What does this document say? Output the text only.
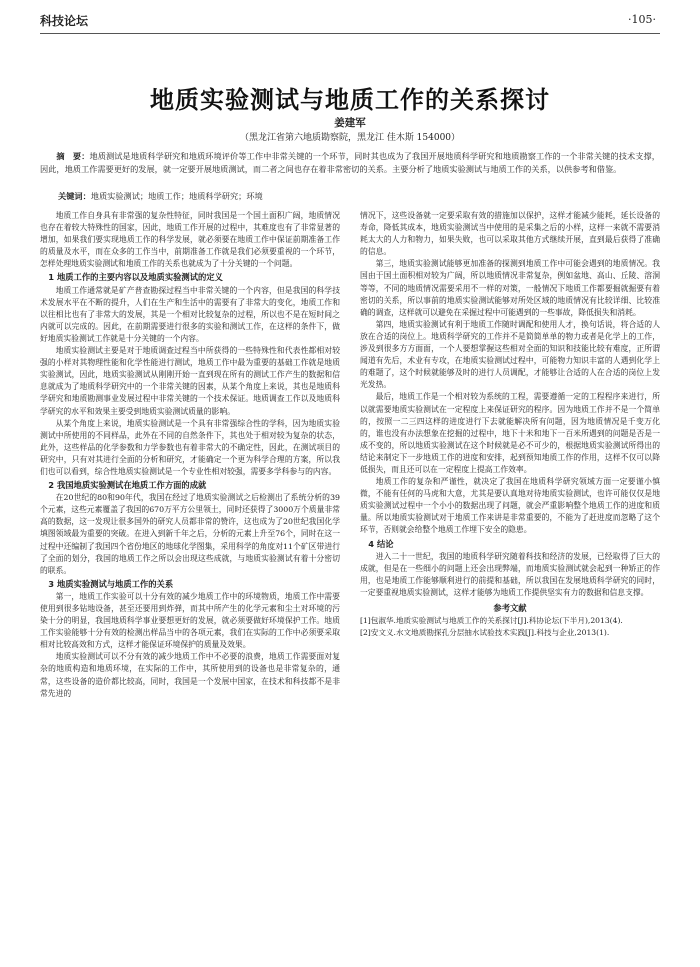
科技论坛	·105·
地质实验测试与地质工作的关系探讨
姜建军
（黑龙江省第六地质勘察院，黑龙江 佳木斯 154000）
摘　要：地质测试是地质科学研究和地质环境评价等工作中非常关键的一个环节，同时其也成为了我国开展地质科学研究和地质勘察工作的一个非常关键的技术支撑，因此，地质工作需要更好的发展，就一定要开展地质测试，而二者之间也存在着非常密切的关系。主要分析了地质实验测试与地质工作的关系，以供参考和借鉴。
关键词：地质实验测试；地质工作；地质科学研究；环境

地质工作自身具有非常强的复杂性特征，同时我国是一个国土面积广阔，地质情况也存在着较大特殊性的国家，因此，地质工作开展的过程中，其难度也有了非常显著的增加，如果我们要实现地质工作的科学发展，就必须要在地质工作中保证前期准备工作的质量及水平，而在众多的工作当中，前期准备工作就是我们必须要重视的一个环节，怎样处理地质实验测试和地质工作的关系也就成为了十分关键的一个问题。

1 地质工作的主要内容以及地质实验测试的定义

地质工作通常就是矿产普查勘探过程当中非常关键的一个内容，但是我国的科学技术发展水平在不断的提升，人们在生产和生活中的需要有了非常大的变化，地质工作和以往相比也有了非常大的发展，其是一个相对比较复杂的过程，所以也不是在短时间之内就可以完成的。因此，在前期需要进行很多的实验和测试工作，在这样的条件下，做好地质实验测试工作就是十分关键的一个内容。

地质实验测试主要是对于地质调查过程当中所获得的一些特殊性和代表性都相对较强的小样对其物理性能和化学性能进行测试，地质工作中最为重要的基础工作就是地质实验测试，因此，地质实验测试从刚刚开始一直到现在所有的测试工作产生的数据和信息就成为了地质科学研究中的一个非常关键的因素，从某个角度上来说，其也是地质科学研究和地质勘测事业发展过程中非常关键的一个技术保证。地质调查工作以及地质科学研究的水平和效果主要受到地质实验测试质量的影响。

从某个角度上来说，地质实验测试是一个具有非常强综合性的学科，因为地质实验测试中所使用的不同样品，此外在不同的自然条件下，其也处于相对较为复杂的状态，此外，这些样品的化学参数和力学参数也有着非常大的不确定性，因此，在测试项目的研究中，只有对其进行全面的分析和研究，才能确定一个更为科学合理的方案，所以我们也可以看到，综合性地质实验测试是一个专业性相对较强，需要多学科参与的内容。

2 我国地质实验测试在地质工作方面的成就

在20世纪的80和90年代，我国在经过了地质实验测试之后检测出了系统分析的39个元素，这些元素覆盖了我国的670万平方公里领土，同时还获得了3000万个质量非常高的数据，这一发现让很多国外的研究人员都非常的赞许，这也成为了20世纪我国化学填图领域最为重要的突破。在进入到新千年之后，分析的元素上升至76个，同时在这一过程中还编制了我国四个省份地区的地球化学图集，采用科学的角度对11个矿区带进行了全面的划分，我国的地质工作之所以会出现这些成就，与地质实验测试有着十分密切的联系。

3 地质实验测试与地质工作的关系

第一，地质工作实验可以十分有效的减少地质工作中的环境物质，地质工作中需要使用到很多钻地设备，甚至还要用到炸弹，而其中所产生的化学元素和尘土对环境的污染十分的明显，我国地质科学事业要想更好的发展，就必须要做好环境保护工作。地质工作实验能够十分有效的检测出样品当中的各项元素，我们在实际的工作中必须要采取相对比较高效和方式，这样才能保证环境保护的质量及效果。

地质实验测试可以不分有效的减少地质工作中不必要的浪费，地质工作需要面对复杂的地质构造和地质环境，在实际的工作中，其所使用到的设备也是非常复杂的，通常，这些设备的造价都比较高，同时，我国是一个发展中国家，在技术和科技都不是非常先进的

情况下，这些设备就一定要采取有效的措施加以保护，这样才能减少能耗，延长设备的寿命，降低其成本，地质实验测试当中使用的是采集之后的小样，这样一来就不需要消耗太大的人力和物力，如果失败，也可以采取其他方式继续开展，直到最后获得了准确的信息。

第三，地质实验测试能够更加准备的探测到地质工作中可能会遇到的地质情况。我国由于国土面积相对较为广阔，所以地质情况非常复杂，例如盆地、高山、丘陵、溶洞等等，不同的地质情况需要采用不一样的对策，一般情况下地质工作都要掘就掘要有着密切的关系，所以事前的地质实验测试能够对所处区域的地质情况有比较详细、比较准确的调查，这样就可以避免在采掘过程中可能遇到的一些事故，降低损失和消耗。

第四，地质实验测试有利于地质工作随时调配和使用人才，换句话说，将合适的人放在合适的岗位上。地质科学研究的工作并不是简简单单的物力或者是化学上的工作，涉及到很多方方面面，一个人要想掌握这些相对全面的知识和技能比较有难度，正所谓闻道有先后，术业有专攻，在地质实验测试过程中，可能物力知识丰富的人遇到化学上的难题了，这个时候就能够及时的进行人员调配，才能够让合适的人在合适的岗位上发光发热。

最后，地质工作是一个相对较为系统的工程，需要遵循一定的工程程序来进行，所以就需要地质实验测试在一定程度上来保证研究的程序。因为地质工作并不是一个简单的，按照一二三四这样的进度进行下去就能解决所有问题，因为地质情况是千变万化的，谁也没有办法想象在挖掘的过程中，地下十米和地下一百米所遇到的问题是否是一成不变的，所以地质实验测试在这个时候就是必不可少的，根据地质实验测试所得出的结论来制定下一步地质工作的进度和安排，起到预知地质工作的作用，这样不仅可以降低损失，而且还可以在一定程度上提高工作效率。

地质工作的复杂和严谨性，就决定了我国在地质科学研究领域方面一定要谨小慎微，不能有任何的马虎和大意，尤其是要认真地对待地质实验测试，也许可能仅仅是地质实验测试过程中一个小小的数据出现了问题，就会严重影响整个地质工作的进度和质量。所以地质实验测试对于地质工作来讲是非常重要的，不能为了赶进度而忽略了这个环节，否则就会给整个地质工作埋下安全的隐患。

4 结论

进入二十一世纪，我国的地质科学研究随着科技和经济的发展，已经取得了巨大的成就，但是在一些细小的问题上还会出现弊端，而地质实验测试就会起到一种矫正的作用，也是地质工作能够顺利进行的前提和基础，所以我国在发展地质科学研究的同时，一定要重视地质实验测试，这样才能够为地质工作提供坚实有力的数据和信息支撑。

参考文献

[1]包淑华.地质实验测试与地质工作的关系探讨[J].科协论坛(下半月),2013(4).

[2]安文义.水文地质勘探孔分层抽水试验技术实践[J].科技与企业,2013(1).
